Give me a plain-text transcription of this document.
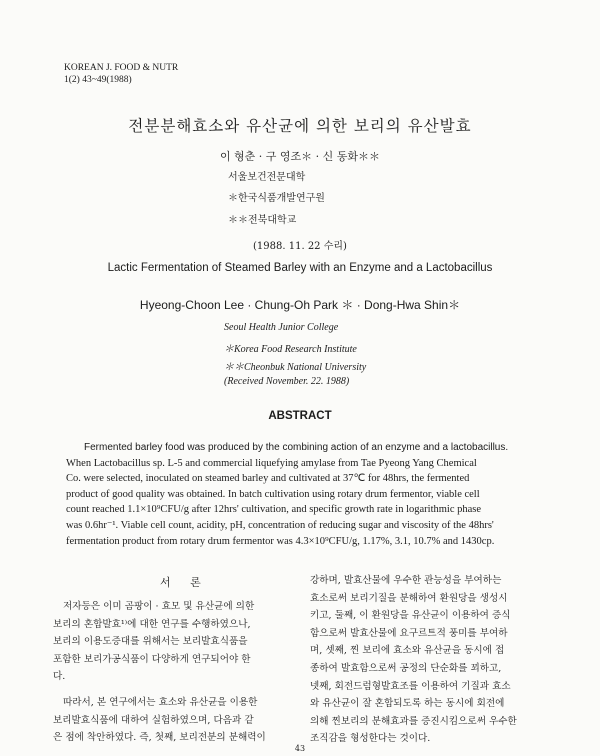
KOREAN J. FOOD & NUTR
1(2) 43~49(1988)
전분분해효소와 유산균에 의한 보리의 유산발효
이 형춘 · 구 영조＊ · 신 동화＊＊
서울보건전문대학
＊한국식품개발연구원
＊＊전북대학교
(1988. 11. 22 수리)
Lactic Fermentation of Steamed Barley with an Enzyme and a Lactobacillus
Hyeong-Choon Lee · Chung-Oh Park ＊ · Dong-Hwa Shin＊
Seoul Health Junior College
＊Korea Food Research Institute
＊＊Cheonbuk National University
(Received November. 22. 1988)
ABSTRACT
Fermented barley food was produced by the combining action of an enzyme and a lactobacillus.
When Lactobacillus sp. L-5 and commercial liquefying amylase from Tae Pyeong Yang Chemical
Co. were selected, inoculated on steamed barley and cultivated at 37℃ for 48hrs, the fermented
product of good quality was obtained. In batch cultivation using rotary drum fermentor, viable cell
count reached 1.1×10⁹CFU/g after 12hrs' cultivation, and specific growth rate in logarithmic phase
was 0.6hr⁻¹. Viable cell count, acidity, pH, concentration of reducing sugar and viscosity of the 48hrs'
fermentation product from rotary drum fermentor was 4.3×10⁹CFU/g, 1.17%, 3.1, 10.7% and 1430cp.
서 론
저자등은 이미 곰팡이 · 효모 및 유산균에 의한
보리의 혼합발효¹⁾에 대한 연구를 수행하였으나,
보리의 이용도증대를 위해서는 보리발효식품을
포함한 보리가공식품이 다양하게 연구되어야 한
다.
따라서, 본 연구에서는 효소와 유산균을 이용한
보리발효식품에 대하여 실험하였으며, 다음과 같
은 점에 착안하였다. 즉, 첫째, 보리전분의 분해력이
강하며, 발효산물에 우수한 관능성을 부여하는
효소로써 보리기질을 분해하여 환원당을 생성시
키고, 둘째, 이 환원당을 유산균이 이용하여 증식
함으로써 발효산물에 요구르트적 풍미를 부여하
며, 셋째, 찐 보리에 효소와 유산균을 동시에 접
종하여 발효함으로써 공정의 단순화를 꾀하고,
넷째, 회전드럼형발효조를 이용하여 기질과 효소
와 유산균이 잘 혼합되도록 하는 동시에 회전에
의해 찐보리의 분해효과를 증진시킴으로써 우수한
조직감을 형성한다는 것이다.
43
